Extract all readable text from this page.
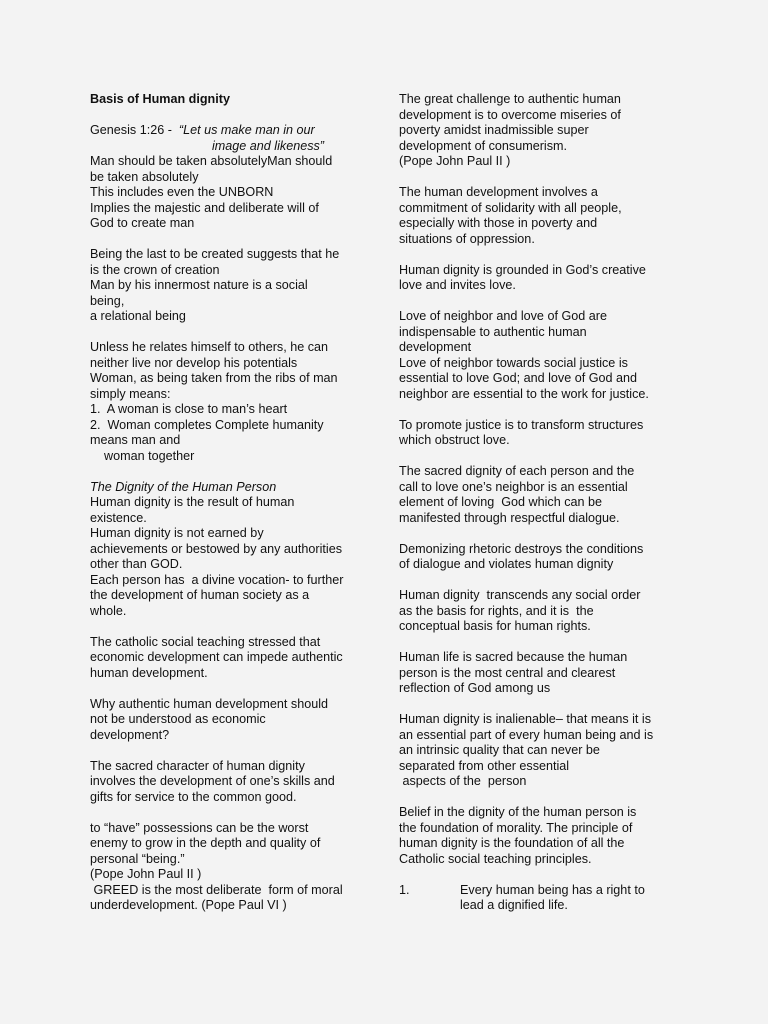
Basis of Human dignity
Genesis 1:26 -  “Let us make man in our
image and likeness”
Man should be taken absolutelyMan should
be taken absolutely
This includes even the UNBORN
Implies the majestic and deliberate will of
God to create man
Being the last to be created suggests that he
is the crown of creation
Man by his innermost nature is a social
being,
a relational being
Unless he relates himself to others, he can
neither live nor develop his potentials
Woman, as being taken from the ribs of man
simply means:
1.  A woman is close to man’s heart
2.  Woman completes Complete humanity
means man and
woman together
The Dignity of the Human Person
Human dignity is the result of human
existence.
Human dignity is not earned by
achievements or bestowed by any authorities
other than GOD.
Each person has  a divine vocation- to further
the development of human society as a
whole.
The catholic social teaching stressed that
economic development can impede authentic
human development.
Why authentic human development should
not be understood as economic
development?
The sacred character of human dignity
involves the development of one’s skills and
gifts for service to the common good.
to “have” possessions can be the worst
enemy to grow in the depth and quality of
personal “being.”
(Pope John Paul II )
GREED is the most deliberate  form of moral
underdevelopment. (Pope Paul VI )
The great challenge to authentic human
development is to overcome miseries of
poverty amidst inadmissible super
development of consumerism.
(Pope John Paul II )
The human development involves a
commitment of solidarity with all people,
especially with those in poverty and
situations of oppression.
Human dignity is grounded in God’s creative
love and invites love.
Love of neighbor and love of God are
indispensable to authentic human
development
Love of neighbor towards social justice is
essential to love God; and love of God and
neighbor are essential to the work for justice.
To promote justice is to transform structures
which obstruct love.
The sacred dignity of each person and the
call to love one’s neighbor is an essential
element of loving  God which can be
manifested through respectful dialogue.
Demonizing rhetoric destroys the conditions
of dialogue and violates human dignity
Human dignity  transcends any social order
as the basis for rights, and it is  the
conceptual basis for human rights.
Human life is sacred because the human
person is the most central and clearest
reflection of God among us
Human dignity is inalienable– that means it is
an essential part of every human being and is
an intrinsic quality that can never be
separated from other essential
aspects of the  person
Belief in the dignity of the human person is
the foundation of morality. The principle of
human dignity is the foundation of all the
Catholic social teaching principles.
1.	Every human being has a right to
lead a dignified life.
